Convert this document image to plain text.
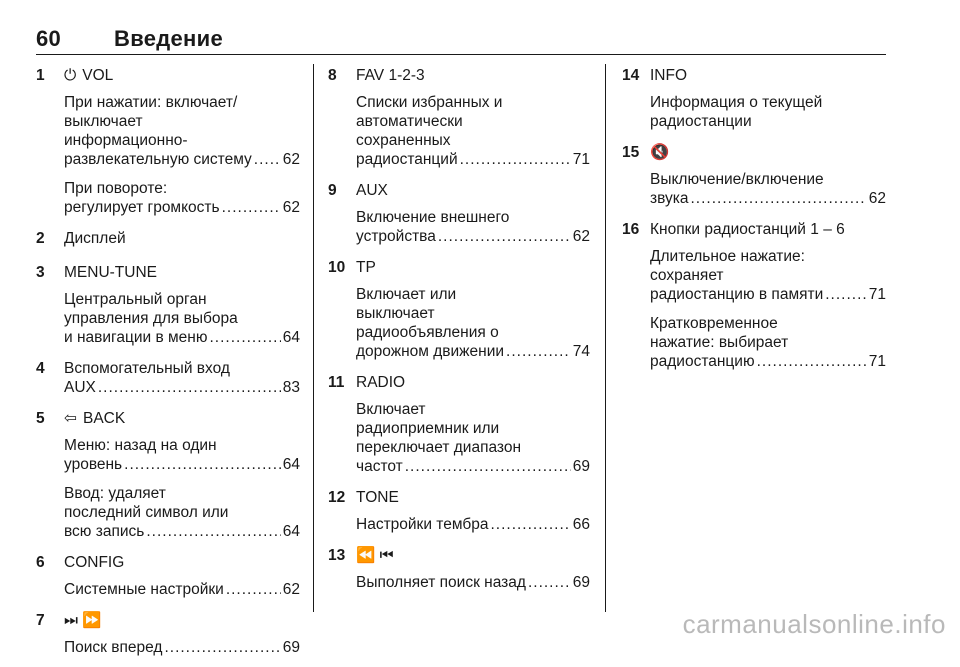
60 Введение
1 ⏻ VOL
При нажатии: включает/
выключает
информационно-
развлекательную систему ..... 62
При повороте:
регулирует громкость .....	62
2 Дисплей
3 MENU-TUNE
Центральный орган
управления для выбора
и навигации в меню .....	64
4 Вспомогательный вход
AUX .....	83
5 ⇦ BACK
Меню: назад на один
уровень .....	64
Ввод: удаляет
последний символ или
всю запись .....	64
6 CONFIG
Системные настройки .....	62
7 ⏭ ⏩
Поиск вперед .....	69
8 FAV 1-2-3
Списки избранных и
автоматически
сохраненных
радиостанций .....	71
9 AUX
Включение внешнего
устройства .....	62
10 TP
Включает или
выключает
радиообъявления о
дорожном движении .....	74
11 RADIO
Включает
радиоприемник или
переключает диапазон
частот .....	69
12 TONE
Настройки тембра .....	66
13 ⏪ ⏮
Выполняет поиск назад .....	69
14 INFO
Информация о текущей
радиостанции
15 🔇
Выключение/включение
звука .....	62
16 Кнопки радиостанций 1 – 6
Длительное нажатие:
сохраняет
радиостанцию в памяти .....	71
Кратковременное
нажатие: выбирает
радиостанцию .....	71
carmanualsonline.info
